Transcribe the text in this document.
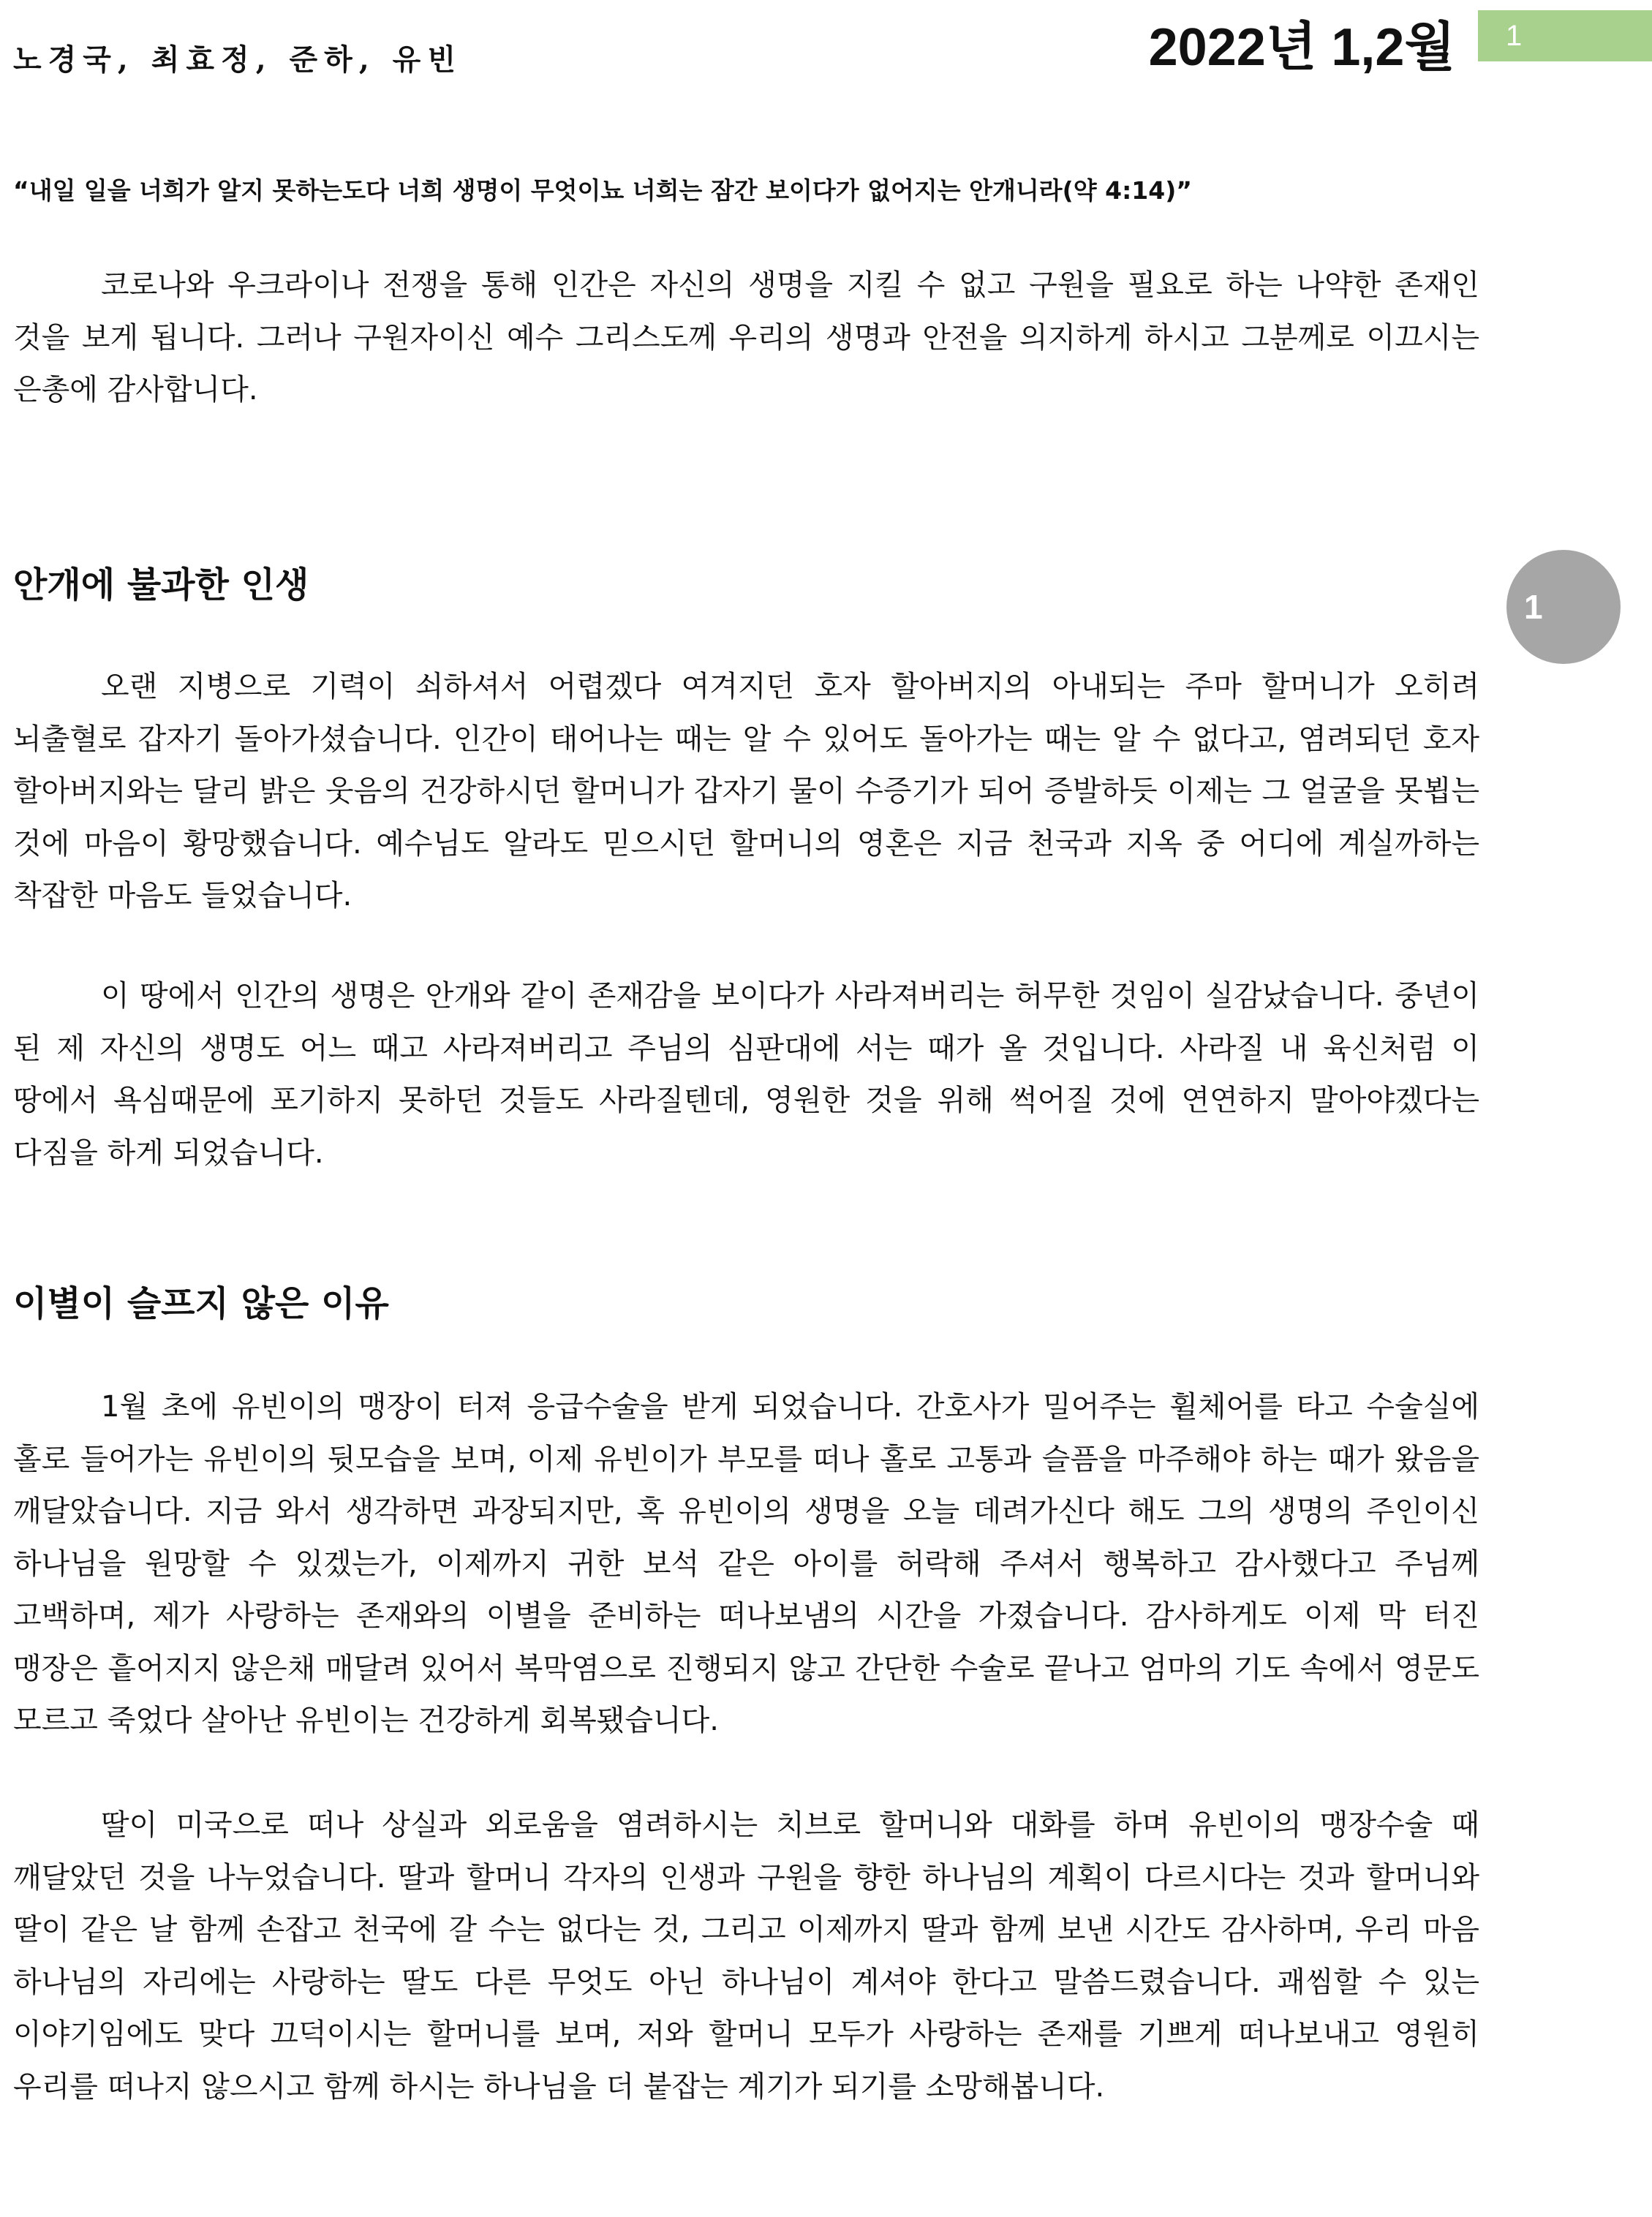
노경국, 최효정, 준하, 유빈	2022년 1,2월	1
1
“내일 일을 너희가 알지 못하는도다 너희 생명이 무엇이뇨 너희는 잠간 보이다가 없어지는 안개니라(약 4:14)”

코로나와 우크라이나 전쟁을 통해 인간은 자신의 생명을 지킬 수 없고 구원을 필요로 하는 나약한 존재인 것을 보게 됩니다. 그러나 구원자이신 예수 그리스도께 우리의 생명과 안전을 의지하게 하시고 그분께로 이끄시는 은총에 감사합니다.

안개에 불과한 인생

오랜 지병으로 기력이 쇠하셔서 어렵겠다 여겨지던 호자 할아버지의 아내되는 주마 할머니가 오히려 뇌출혈로 갑자기 돌아가셨습니다. 인간이 태어나는 때는 알 수 있어도 돌아가는 때는 알 수 없다고, 염려되던 호자 할아버지와는 달리 밝은 웃음의 건강하시던 할머니가 갑자기 물이 수증기가 되어 증발하듯 이제는 그 얼굴을 못뵙는 것에 마음이 황망했습니다. 예수님도 알라도 믿으시던 할머니의 영혼은 지금 천국과 지옥 중 어디에 계실까하는 착잡한 마음도 들었습니다.

이 땅에서 인간의 생명은 안개와 같이 존재감을 보이다가 사라져버리는 허무한 것임이 실감났습니다. 중년이 된 제 자신의 생명도 어느 때고 사라져버리고 주님의 심판대에 서는 때가 올 것입니다. 사라질 내 육신처럼 이 땅에서 욕심때문에 포기하지 못하던 것들도 사라질텐데, 영원한 것을 위해 썩어질 것에 연연하지 말아야겠다는 다짐을 하게 되었습니다.

이별이 슬프지 않은 이유

1월 초에 유빈이의 맹장이 터져 응급수술을 받게 되었습니다. 간호사가 밀어주는 휠체어를 타고 수술실에 홀로 들어가는 유빈이의 뒷모습을 보며, 이제 유빈이가 부모를 떠나 홀로 고통과 슬픔을 마주해야 하는 때가 왔음을 깨달았습니다. 지금 와서 생각하면 과장되지만, 혹 유빈이의 생명을 오늘 데려가신다 해도 그의 생명의 주인이신 하나님을 원망할 수 있겠는가, 이제까지 귀한 보석 같은 아이를 허락해 주셔서 행복하고 감사했다고 주님께 고백하며, 제가 사랑하는 존재와의 이별을 준비하는 떠나보냄의 시간을 가졌습니다. 감사하게도 이제 막 터진 맹장은 흩어지지 않은채 매달려 있어서 복막염으로 진행되지 않고 간단한 수술로 끝나고 엄마의 기도 속에서 영문도 모르고 죽었다 살아난 유빈이는 건강하게 회복됐습니다.

딸이 미국으로 떠나 상실과 외로움을 염려하시는 치브로 할머니와 대화를 하며 유빈이의 맹장수술 때 깨달았던 것을 나누었습니다. 딸과 할머니 각자의 인생과 구원을 향한 하나님의 계획이 다르시다는 것과 할머니와 딸이 같은 날 함께 손잡고 천국에 갈 수는 없다는 것, 그리고 이제까지 딸과 함께 보낸 시간도 감사하며, 우리 마음 하나님의 자리에는 사랑하는 딸도 다른 무엇도 아닌 하나님이 계셔야 한다고 말씀드렸습니다. 괘씸할 수 있는 이야기임에도 맞다 끄덕이시는 할머니를 보며, 저와 할머니 모두가 사랑하는 존재를 기쁘게 떠나보내고 영원히 우리를 떠나지 않으시고 함께 하시는 하나님을 더 붙잡는 계기가 되기를 소망해봅니다.
